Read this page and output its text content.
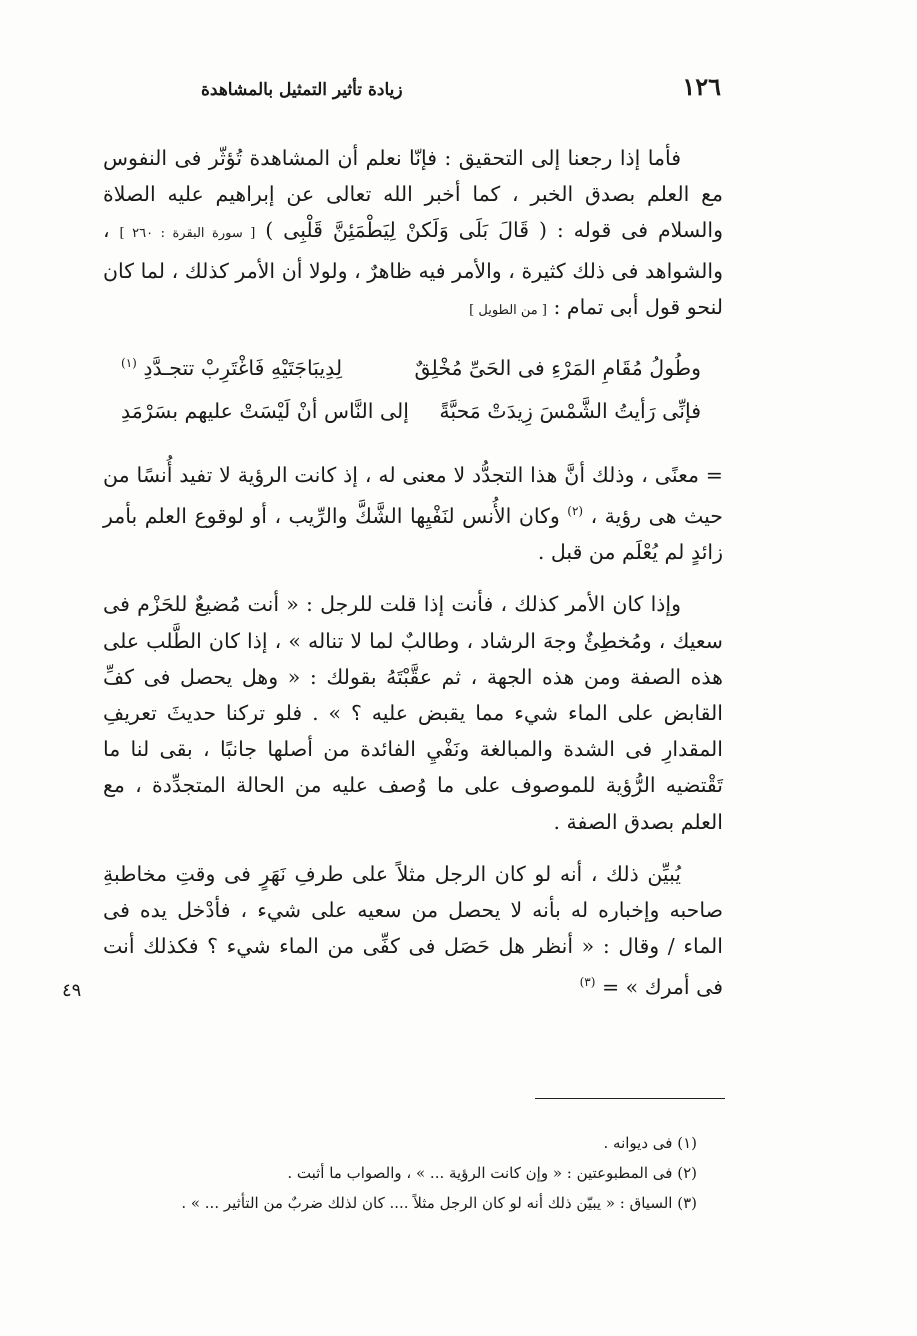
١٢٦
زيادة تأثير التمثيل بالمشاهدة

فأما إذا رجعنا إلى التحقيق : فإنّا نعلم أن المشاهدة تُؤثّر فى النفوس مع العلم بصدق الخبر ، كما أخبر الله تعالى عن إبراهيم عليه الصلاة والسلام فى قوله : ( قَالَ بَلَى وَلَكنْ لِيَطْمَئِنَّ قَلْبِى ) [ سورة البقرة : ٢٦٠ ] ، والشواهد فى ذلك كثيرة ، والأمر فيه ظاهرٌ ، ولولا أن الأمر كذلك ، لما كان لنحو قول أبى تمام : [ من الطويل ]

وطُولُ مُقَامِ المَرْءِ فى الحَىِّ مُخْلِقٌ
لِدِيبَاجَتَيْهِ فَاغْتَرِبْ تتجـدَّدِ $^{(١)}$
فإنِّى رَأيتُ الشَّمْسَ زِيدَتْ مَحبَّةً
إلى النَّاس أنْ لَيْسَتْ عليهم بسَرْمَدِ

= معنًى ، وذلك أنَّ هذا التجدُّد لا معنى له ، إذ كانت الرؤية لا تفيد أُنسًا من حيث هى رؤية ، $^{(٢)}$ وكان الأُنس لنَفْيِها الشَّكَّ والرِّيب ، أو لوقوع العلم بأمر زائدٍ لم يُعْلَم من قبل .

وإذا كان الأمر كذلك ، فأنت إذا قلت للرجل : « أنت مُضيعٌ للحَزْم فى سعيك ، ومُخطِئٌ وجهَ الرشاد ، وطالبٌ لما لا تناله » ، إذا كان الطَّلب على هذه الصفة ومن هذه الجهة ، ثم عقَّبْتَهُ بقولك : « وهل يحصل فى كفِّ القابض على الماء شيء مما يقبض عليه ؟ » . فلو تركنا حديثَ تعريفِ المقدارِ فى الشدة والمبالغة ونَفْيِ الفائدة من أصلها جانبًا ، بقى لنا ما تَقْتضيه الرُّؤية للموصوف على ما وُصف عليه من الحالة المتجدِّدة ، مع العلم بصدق الصفة .

يُبيِّن ذلك ، أنه لو كان الرجل مثلاً على طرفِ نَهَرٍ فى وقتِ مخاطبةِ صاحبه وإخباره له بأنه لا يحصل من سعيه على شيء ، فأدْخل يده فى الماء / وقال : « أنظر هل حَصَل فى كفِّى من الماء شيء ؟ فكذلك أنت فى أمرك » = $^{(٣)}$

٤٩

(١) فى ديوانه .

(٢) فى المطبوعتين : « وإن كانت الرؤية ... » ، والصواب ما أثبت .

(٣) السياق : « يبيّن ذلك أنه لو كان الرجل مثلاً .... كان لذلك ضربٌ من التأثير ... » .
